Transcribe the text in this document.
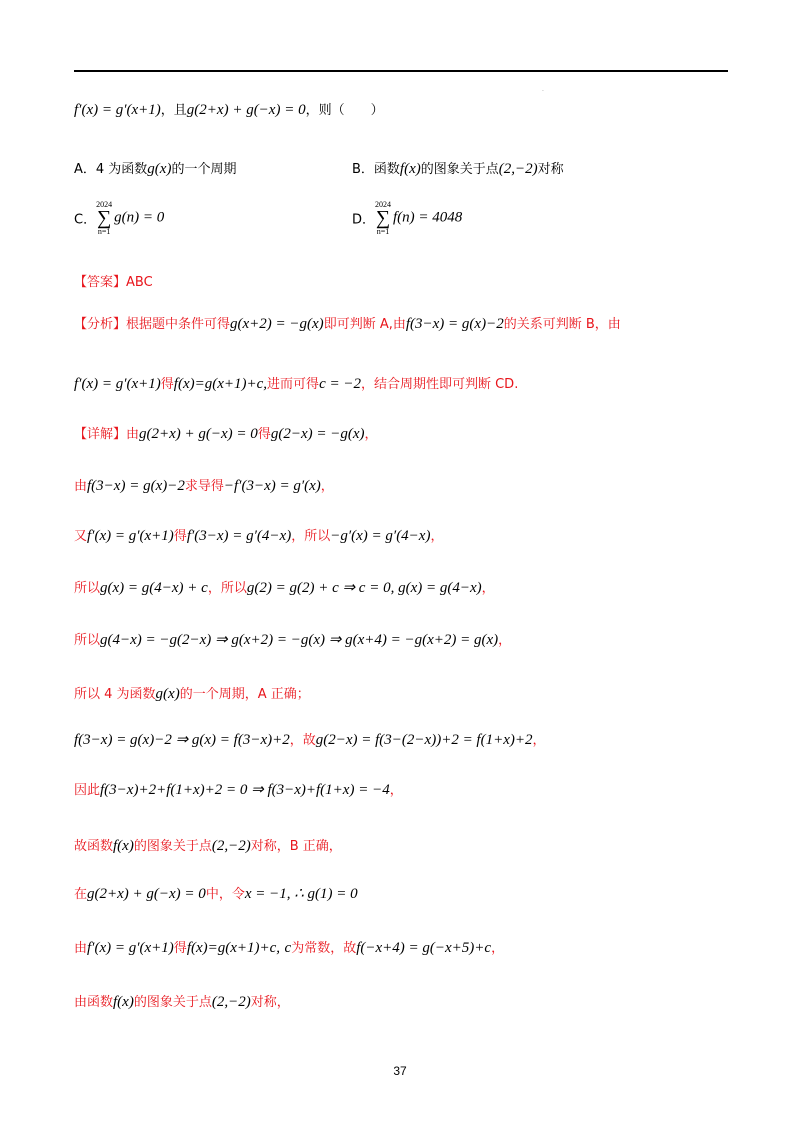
.
f′(x) = g′(x+1)，且g(2+x) + g(−x) = 0，则（　　）
A．4 为函数g(x)的一个周期	B．函数f(x)的图象关于点(2,−2)对称
C．
2024
∑
n=1
g(n) = 0	D．
2024
∑
n=1
f(n) = 4048
【答案】ABC
【分析】根据题中条件可得g(x+2) = −g(x)即可判断 A,由f(3−x) = g(x)−2的关系可判断 B，由
f′(x) = g′(x+1)得f(x)=g(x+1)+c,进而可得c = −2，结合周期性即可判断 CD.
【详解】由g(2+x) + g(−x) = 0得g(2−x) = −g(x)，
由f(3−x) = g(x)−2求导得−f′(3−x) = g′(x)，
又f′(x) = g′(x+1)得f′(3−x) = g′(4−x)，所以−g′(x) = g′(4−x)，
所以g(x) = g(4−x) + c，所以g(2) = g(2) + c ⇒ c = 0, g(x) = g(4−x)，
所以g(4−x) = −g(2−x) ⇒ g(x+2) = −g(x) ⇒ g(x+4) = −g(x+2) = g(x)，
所以 4 为函数g(x)的一个周期，A 正确；
f(3−x) = g(x)−2 ⇒ g(x) = f(3−x)+2，故g(2−x) = f(3−(2−x))+2 = f(1+x)+2，
因此f(3−x)+2+f(1+x)+2 = 0 ⇒ f(3−x)+f(1+x) = −4，
故函数f(x)的图象关于点(2,−2)对称，B 正确，
在g(2+x) + g(−x) = 0中，令x = −1, ∴ g(1) = 0
由f′(x) = g′(x+1)得f(x)=g(x+1)+c, c为常数，故f(−x+4) = g(−x+5)+c，
由函数f(x)的图象关于点(2,−2)对称，
37
